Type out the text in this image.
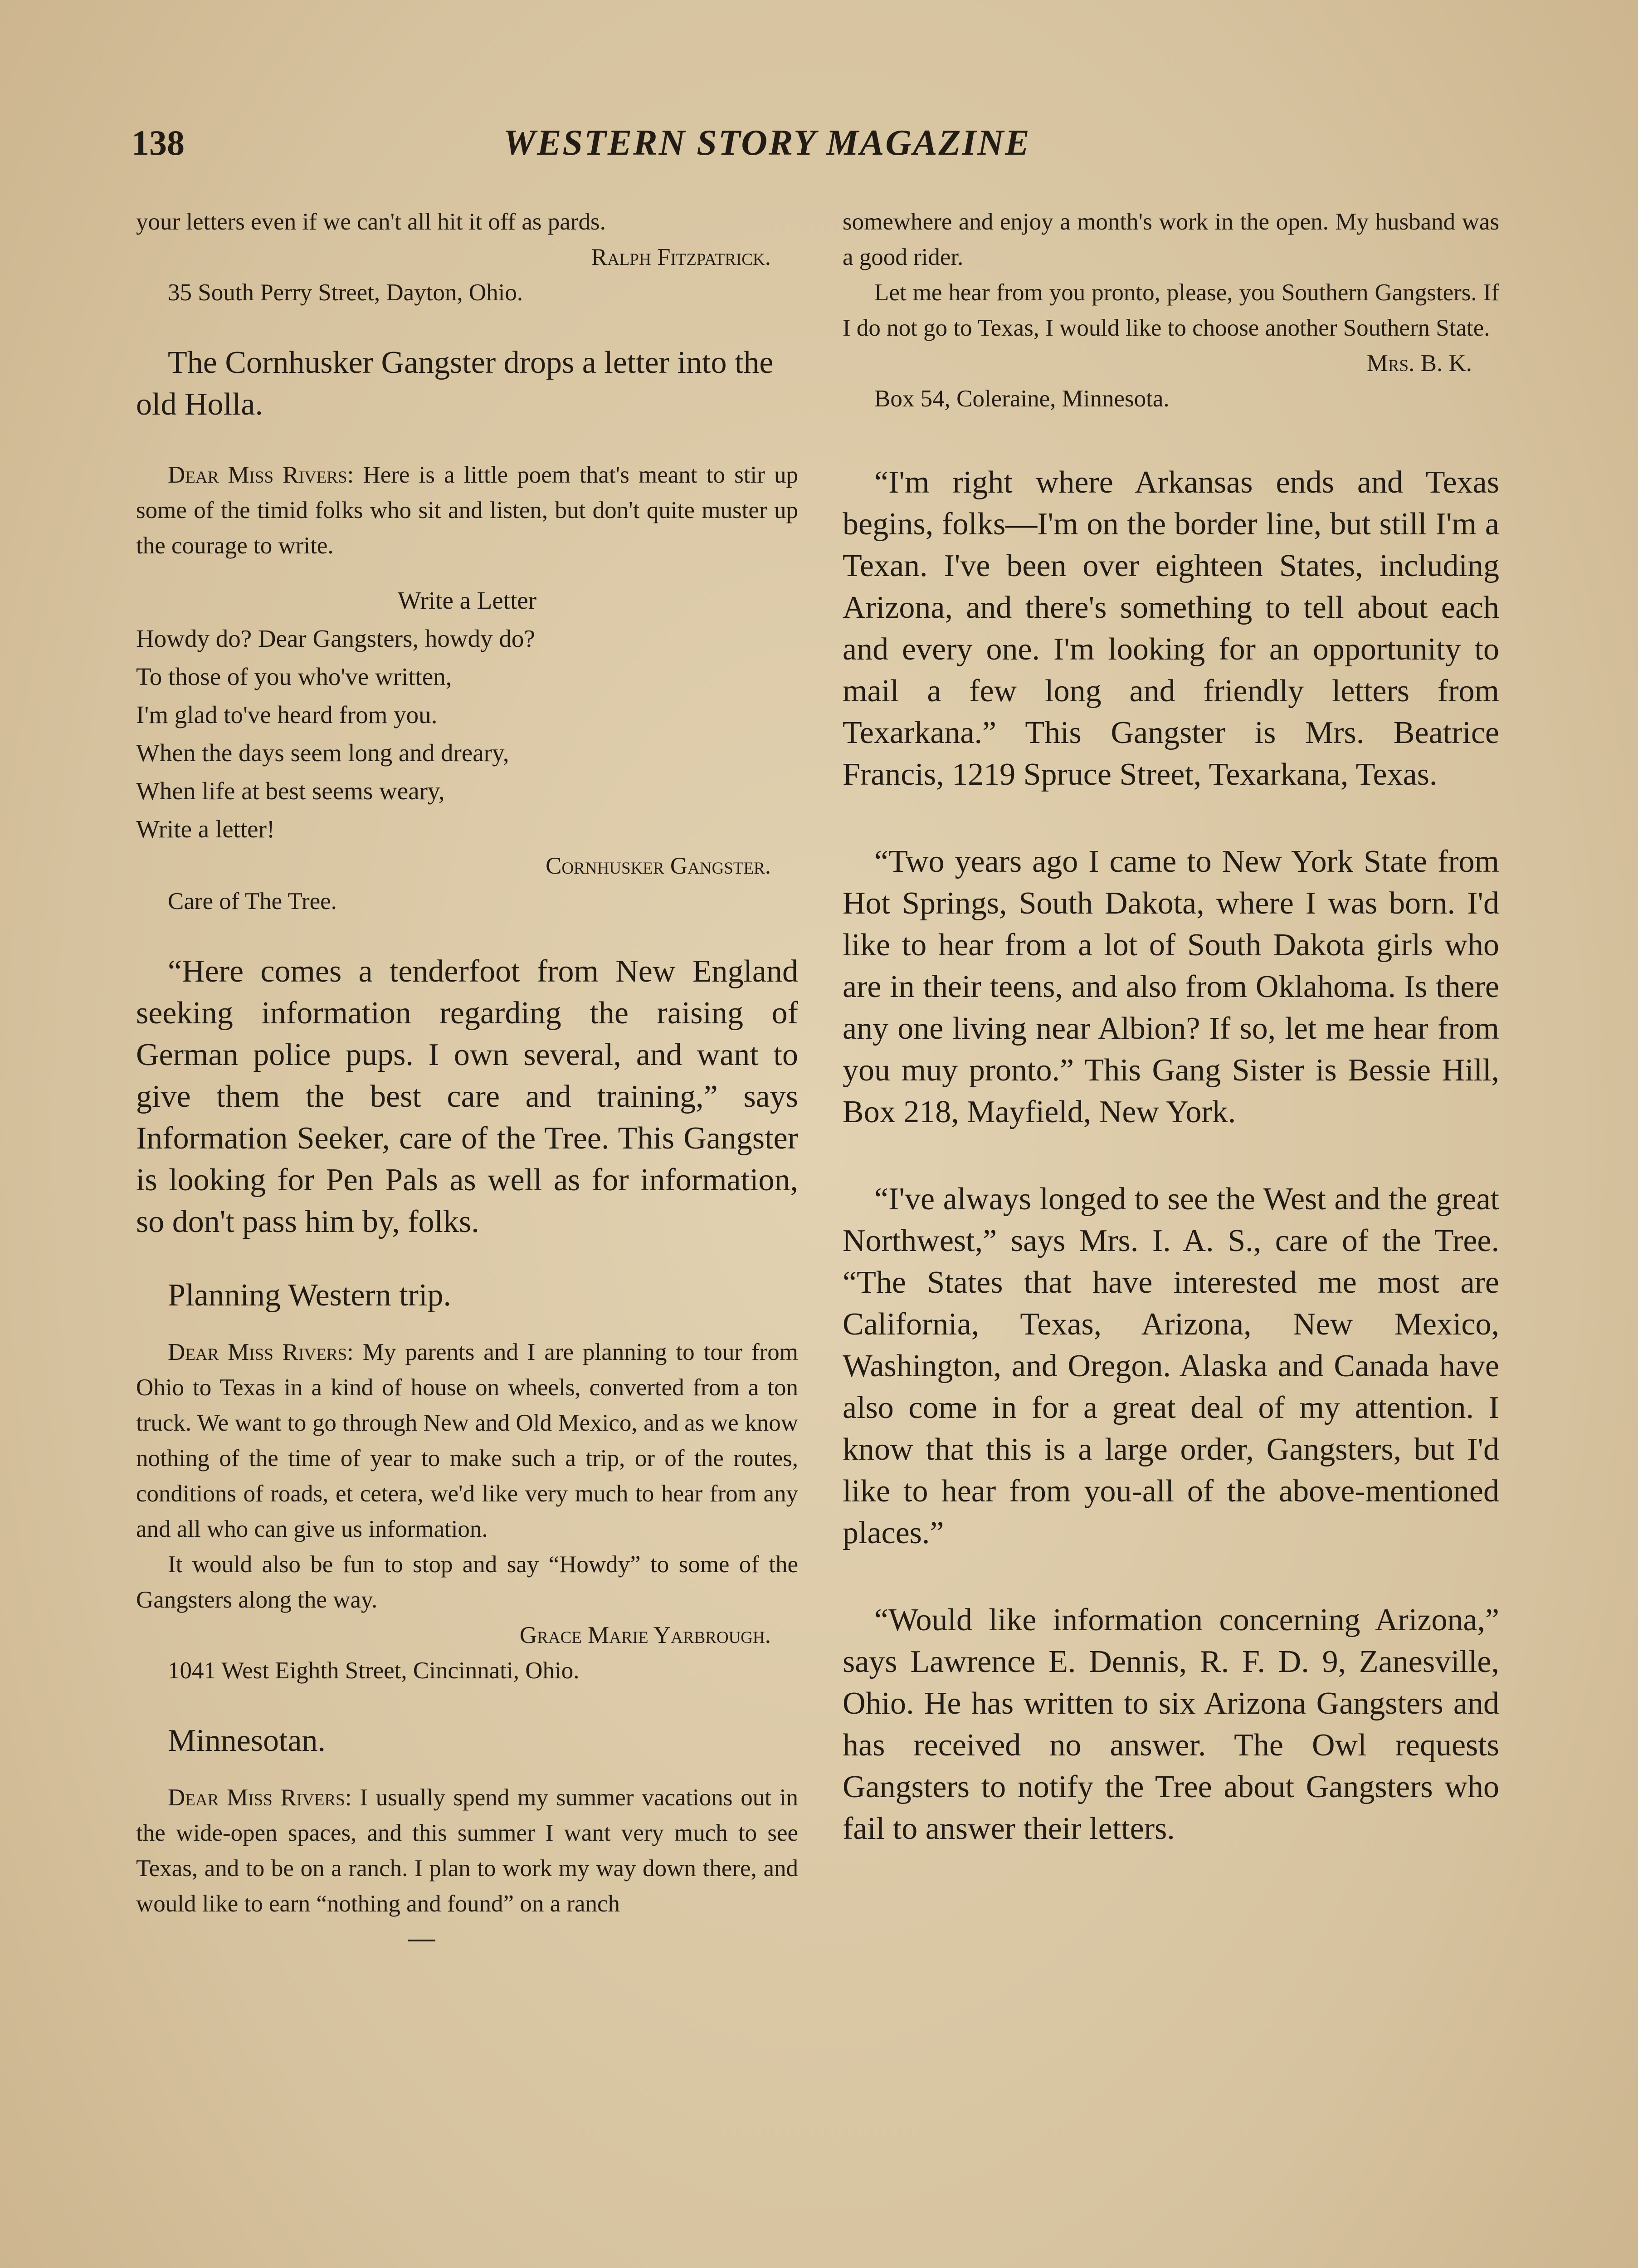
138	WESTERN STORY MAGAZINE

your letters even if we can't all hit it off as pards.

Ralph Fitzpatrick.

35 South Perry Street, Dayton, Ohio.

The Cornhusker Gangster drops a letter into the old Holla.

Dear Miss Rivers: Here is a little poem that's meant to stir up some of the timid folks who sit and listen, but don't quite muster up the courage to write.

Write a Letter

Howdy do? Dear Gangsters, howdy do?

To those of you who've written,

I'm glad to've heard from you.

When the days seem long and dreary,

When life at best seems weary,

Write a letter!

Cornhusker Gangster.

Care of The Tree.

“Here comes a tenderfoot from New England seeking information regarding the raising of German police pups. I own several, and want to give them the best care and training,” says Information Seeker, care of the Tree. This Gangster is looking for Pen Pals as well as for information, so don't pass him by, folks.

Planning Western trip.

Dear Miss Rivers: My parents and I are planning to tour from Ohio to Texas in a kind of house on wheels, converted from a ton truck. We want to go through New and Old Mexico, and as we know nothing of the time of year to make such a trip, or of the routes, conditions of roads, et cetera, we'd like very much to hear from any and all who can give us information.

It would also be fun to stop and say “Howdy” to some of the Gangsters along the way.

Grace Marie Yarbrough.

1041 West Eighth Street, Cincinnati, Ohio.

Minnesotan.

Dear Miss Rivers: I usually spend my summer vacations out in the wide-open spaces, and this summer I want very much to see Texas, and to be on a ranch. I plan to work my way down there, and would like to earn “nothing and found” on a ranch

somewhere and enjoy a month's work in the open. My husband was a good rider.

Let me hear from you pronto, please, you Southern Gangsters. If I do not go to Texas, I would like to choose another Southern State.

Mrs. B. K.

Box 54, Coleraine, Minnesota.

“I'm right where Arkansas ends and Texas begins, folks—I'm on the border line, but still I'm a Texan. I've been over eighteen States, including Arizona, and there's something to tell about each and every one. I'm looking for an opportunity to mail a few long and friendly letters from Texarkana.” This Gangster is Mrs. Beatrice Francis, 1219 Spruce Street, Texarkana, Texas.

“Two years ago I came to New York State from Hot Springs, South Dakota, where I was born. I'd like to hear from a lot of South Dakota girls who are in their teens, and also from Oklahoma. Is there any one living near Albion? If so, let me hear from you muy pronto.” This Gang Sister is Bessie Hill, Box 218, Mayfield, New York.

“I've always longed to see the West and the great Northwest,” says Mrs. I. A. S., care of the Tree. “The States that have interested me most are California, Texas, Arizona, New Mexico, Washington, and Oregon. Alaska and Canada have also come in for a great deal of my attention. I know that this is a large order, Gangsters, but I'd like to hear from you-all of the above-mentioned places.”

“Would like information concerning Arizona,” says Lawrence E. Dennis, R. F. D. 9, Zanesville, Ohio. He has written to six Arizona Gangsters and has received no answer. The Owl requests Gangsters to notify the Tree about Gangsters who fail to answer their letters.
